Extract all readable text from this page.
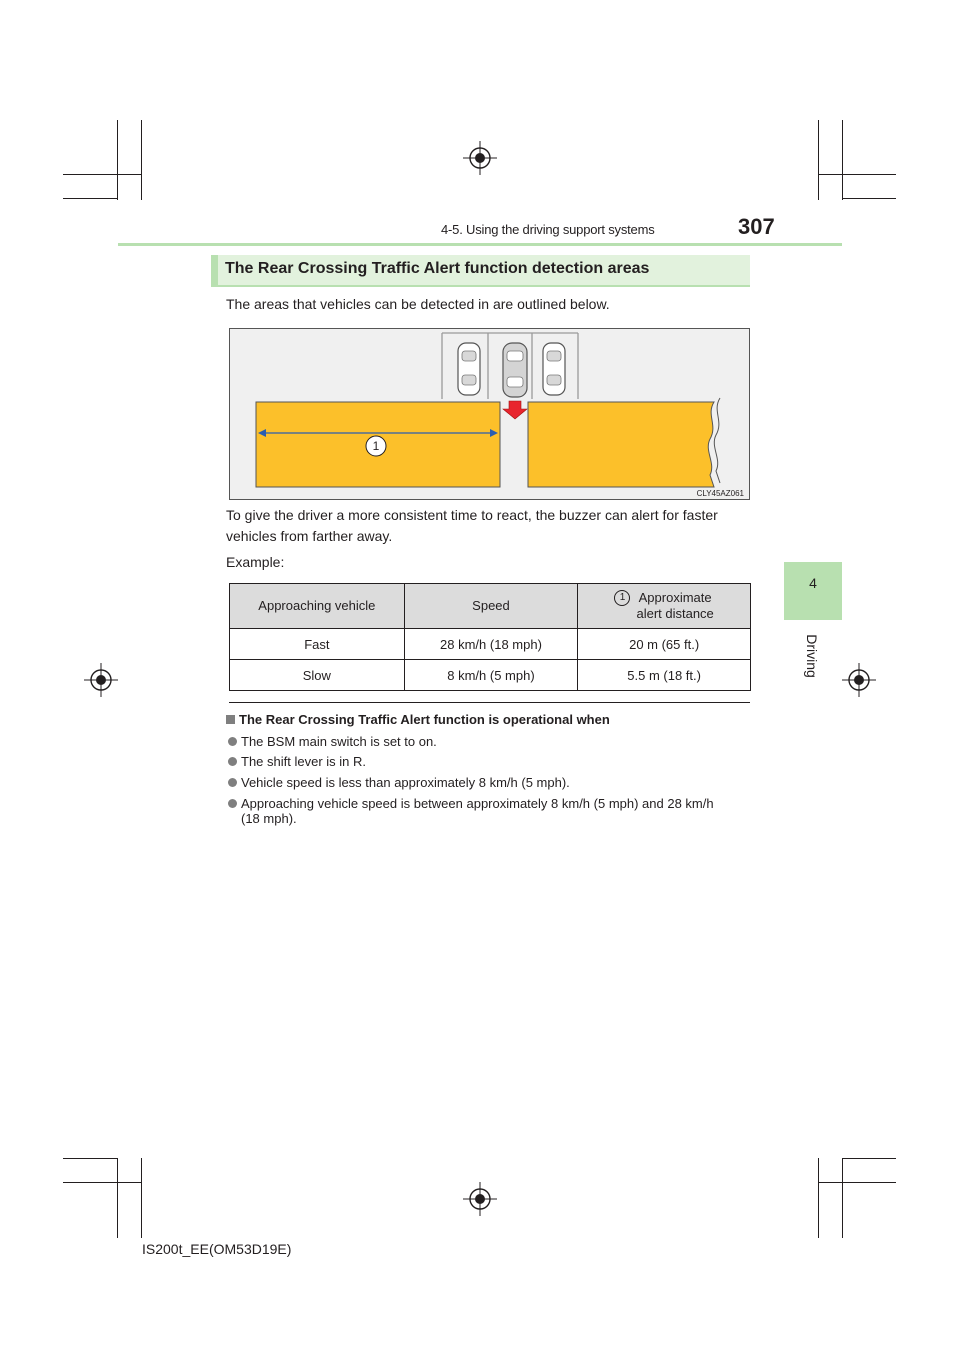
4-5. Using the driving support systems	307
4
Driving
The Rear Crossing Traffic Alert function detection areas
The areas that vehicles can be detected in are outlined below.
1
CLY45AZ061
To give the driver a more consistent time to react, the buzzer can alert for faster
vehicles from farther away.
Example:
Approaching vehicle	Speed	1 Approximate
alert distance
Fast	28 km/h (18 mph)	20 m (65 ft.)
Slow	8 km/h (5 mph)	5.5 m (18 ft.)
The Rear Crossing Traffic Alert function is operational when
The BSM main switch is set to on.
The shift lever is in R.
Vehicle speed is less than approximately 8 km/h (5 mph).
Approaching vehicle speed is between approximately 8 km/h (5 mph) and 28 km/h
(18 mph).
IS200t_EE(OM53D19E)
